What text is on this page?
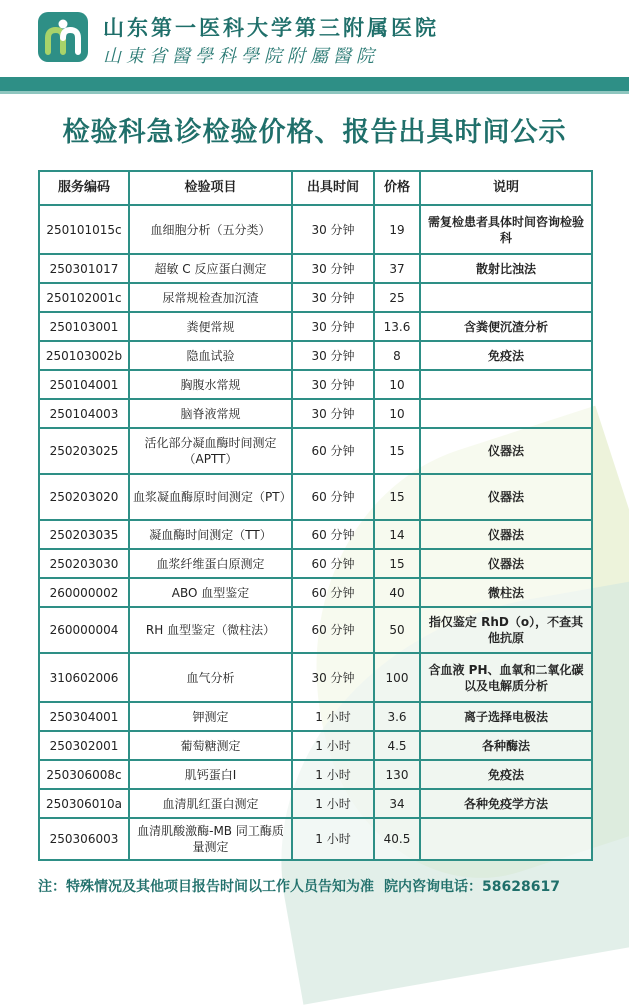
山东第一医科大学第三附属医院
山東省醫學科學院附屬醫院
检验科急诊检验价格、报告出具时间公示
服务编码	检验项目	出具时间	价格	说明
250101015c	血细胞分析（五分类）	30 分钟	19	需复检患者具体时间咨询检验科
250301017	超敏 C 反应蛋白测定	30 分钟	37	散射比浊法
250102001c	尿常规检查加沉渣	30 分钟	25	
250103001	粪便常规	30 分钟	13.6	含粪便沉渣分析
250103002b	隐血试验	30 分钟	8	免疫法
250104001	胸腹水常规	30 分钟	10	
250104003	脑脊液常规	30 分钟	10	
250203025	活化部分凝血酶时间测定（APTT）	60 分钟	15	仪器法
250203020	血浆凝血酶原时间测定（PT）	60 分钟	15	仪器法
250203035	凝血酶时间测定（TT）	60 分钟	14	仪器法
250203030	血浆纤维蛋白原测定	60 分钟	15	仪器法
260000002	ABO 血型鉴定	60 分钟	40	微柱法
260000004	RH 血型鉴定（微柱法）	60 分钟	50	指仅鉴定 RhD（ο），不查其他抗原
310602006	血气分析	30 分钟	100	含血液 PH、血氧和二氧化碳以及电解质分析
250304001	钾测定	1 小时	3.6	离子选择电极法
250302001	葡萄糖测定	1 小时	4.5	各种酶法
250306008c	肌钙蛋白I	1 小时	130	免疫法
250306010a	血清肌红蛋白测定	1 小时	34	各种免疫学方法
250306003	血清肌酸激酶-MB 同工酶质量测定	1 小时	40.5	
注：特殊情况及其他项目报告时间以工作人员告知为准 院内咨询电话：58628617
